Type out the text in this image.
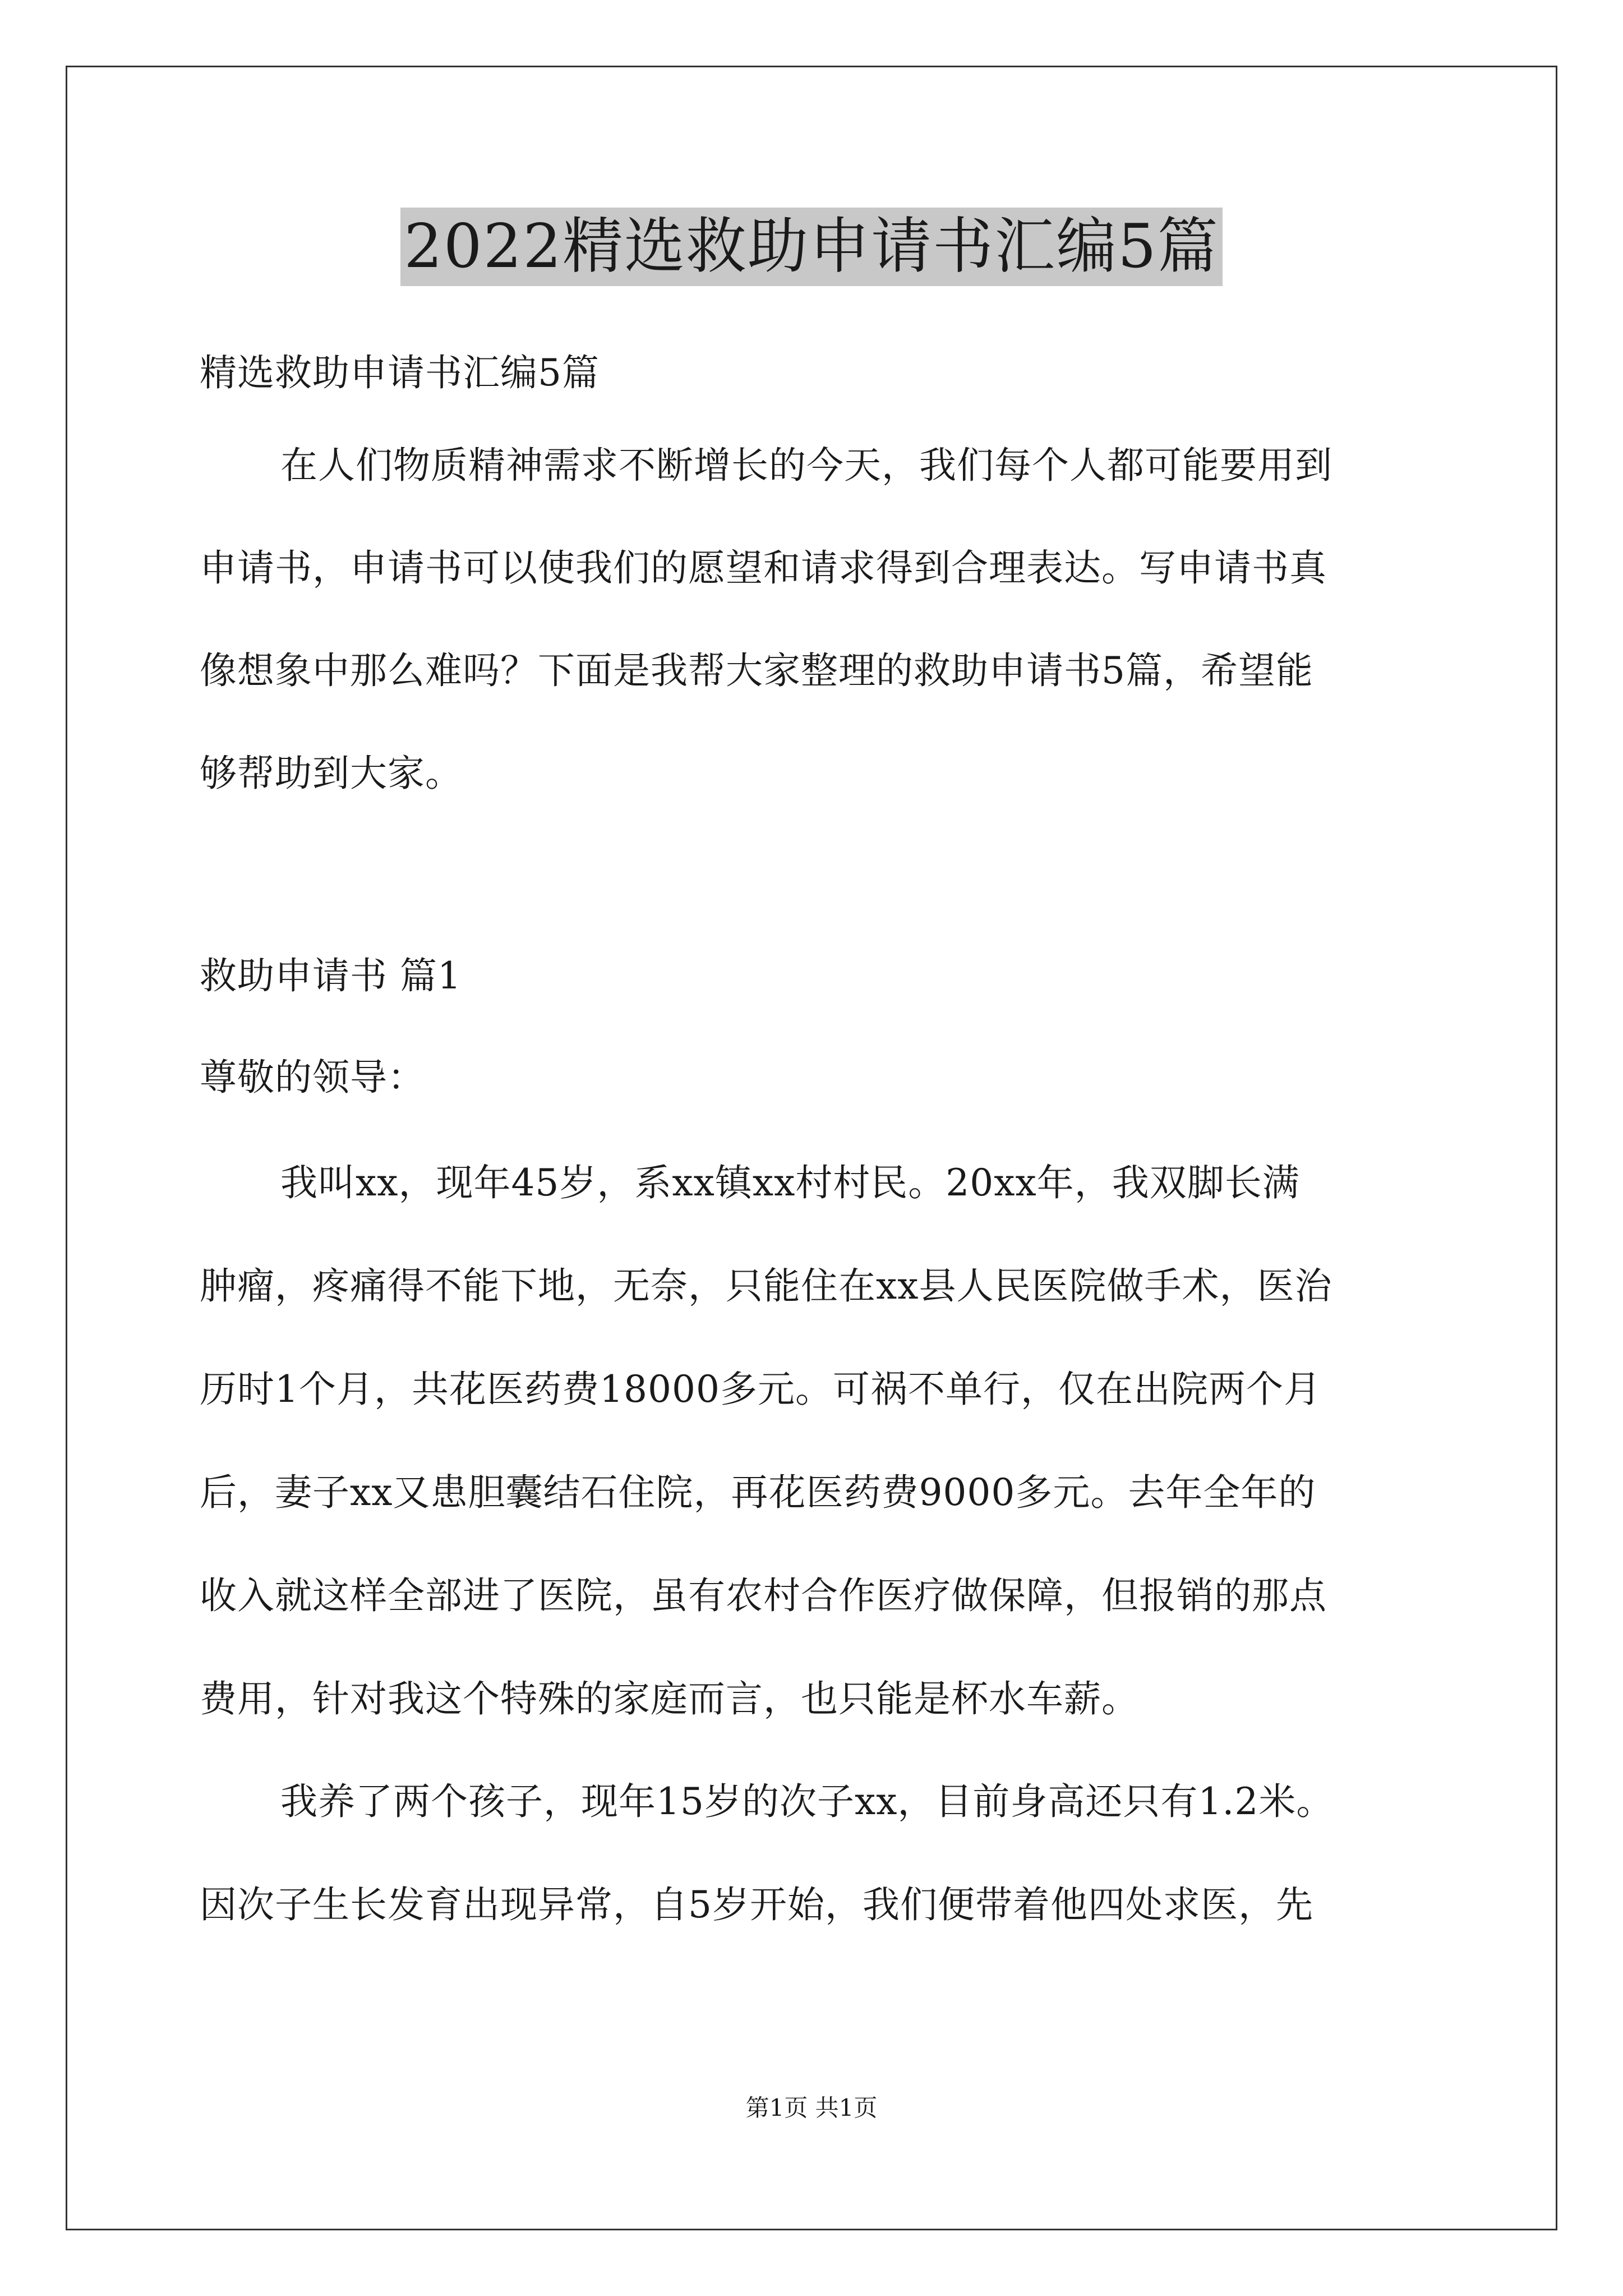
2022精选救助申请书汇编5篇
精选救助申请书汇编5篇
在人们物质精神需求不断增长的今天，我们每个人都可能要用到
申请书，申请书可以使我们的愿望和请求得到合理表达。写申请书真
像想象中那么难吗？下面是我帮大家整理的救助申请书5篇，希望能
够帮助到大家。
救助申请书 篇1
尊敬的领导：
我叫xx，现年45岁，系xx镇xx村村民。20xx年，我双脚长满
肿瘤，疼痛得不能下地，无奈，只能住在xx县人民医院做手术，医治
历时1个月，共花医药费18000多元。可祸不单行，仅在出院两个月
后，妻子xx又患胆囊结石住院，再花医药费9000多元。去年全年的
收入就这样全部进了医院，虽有农村合作医疗做保障，但报销的那点
费用，针对我这个特殊的家庭而言，也只能是杯水车薪。
我养了两个孩子，现年15岁的次子xx，目前身高还只有1.2米。
因次子生长发育出现异常，自5岁开始，我们便带着他四处求医，先
第1页 共1页
